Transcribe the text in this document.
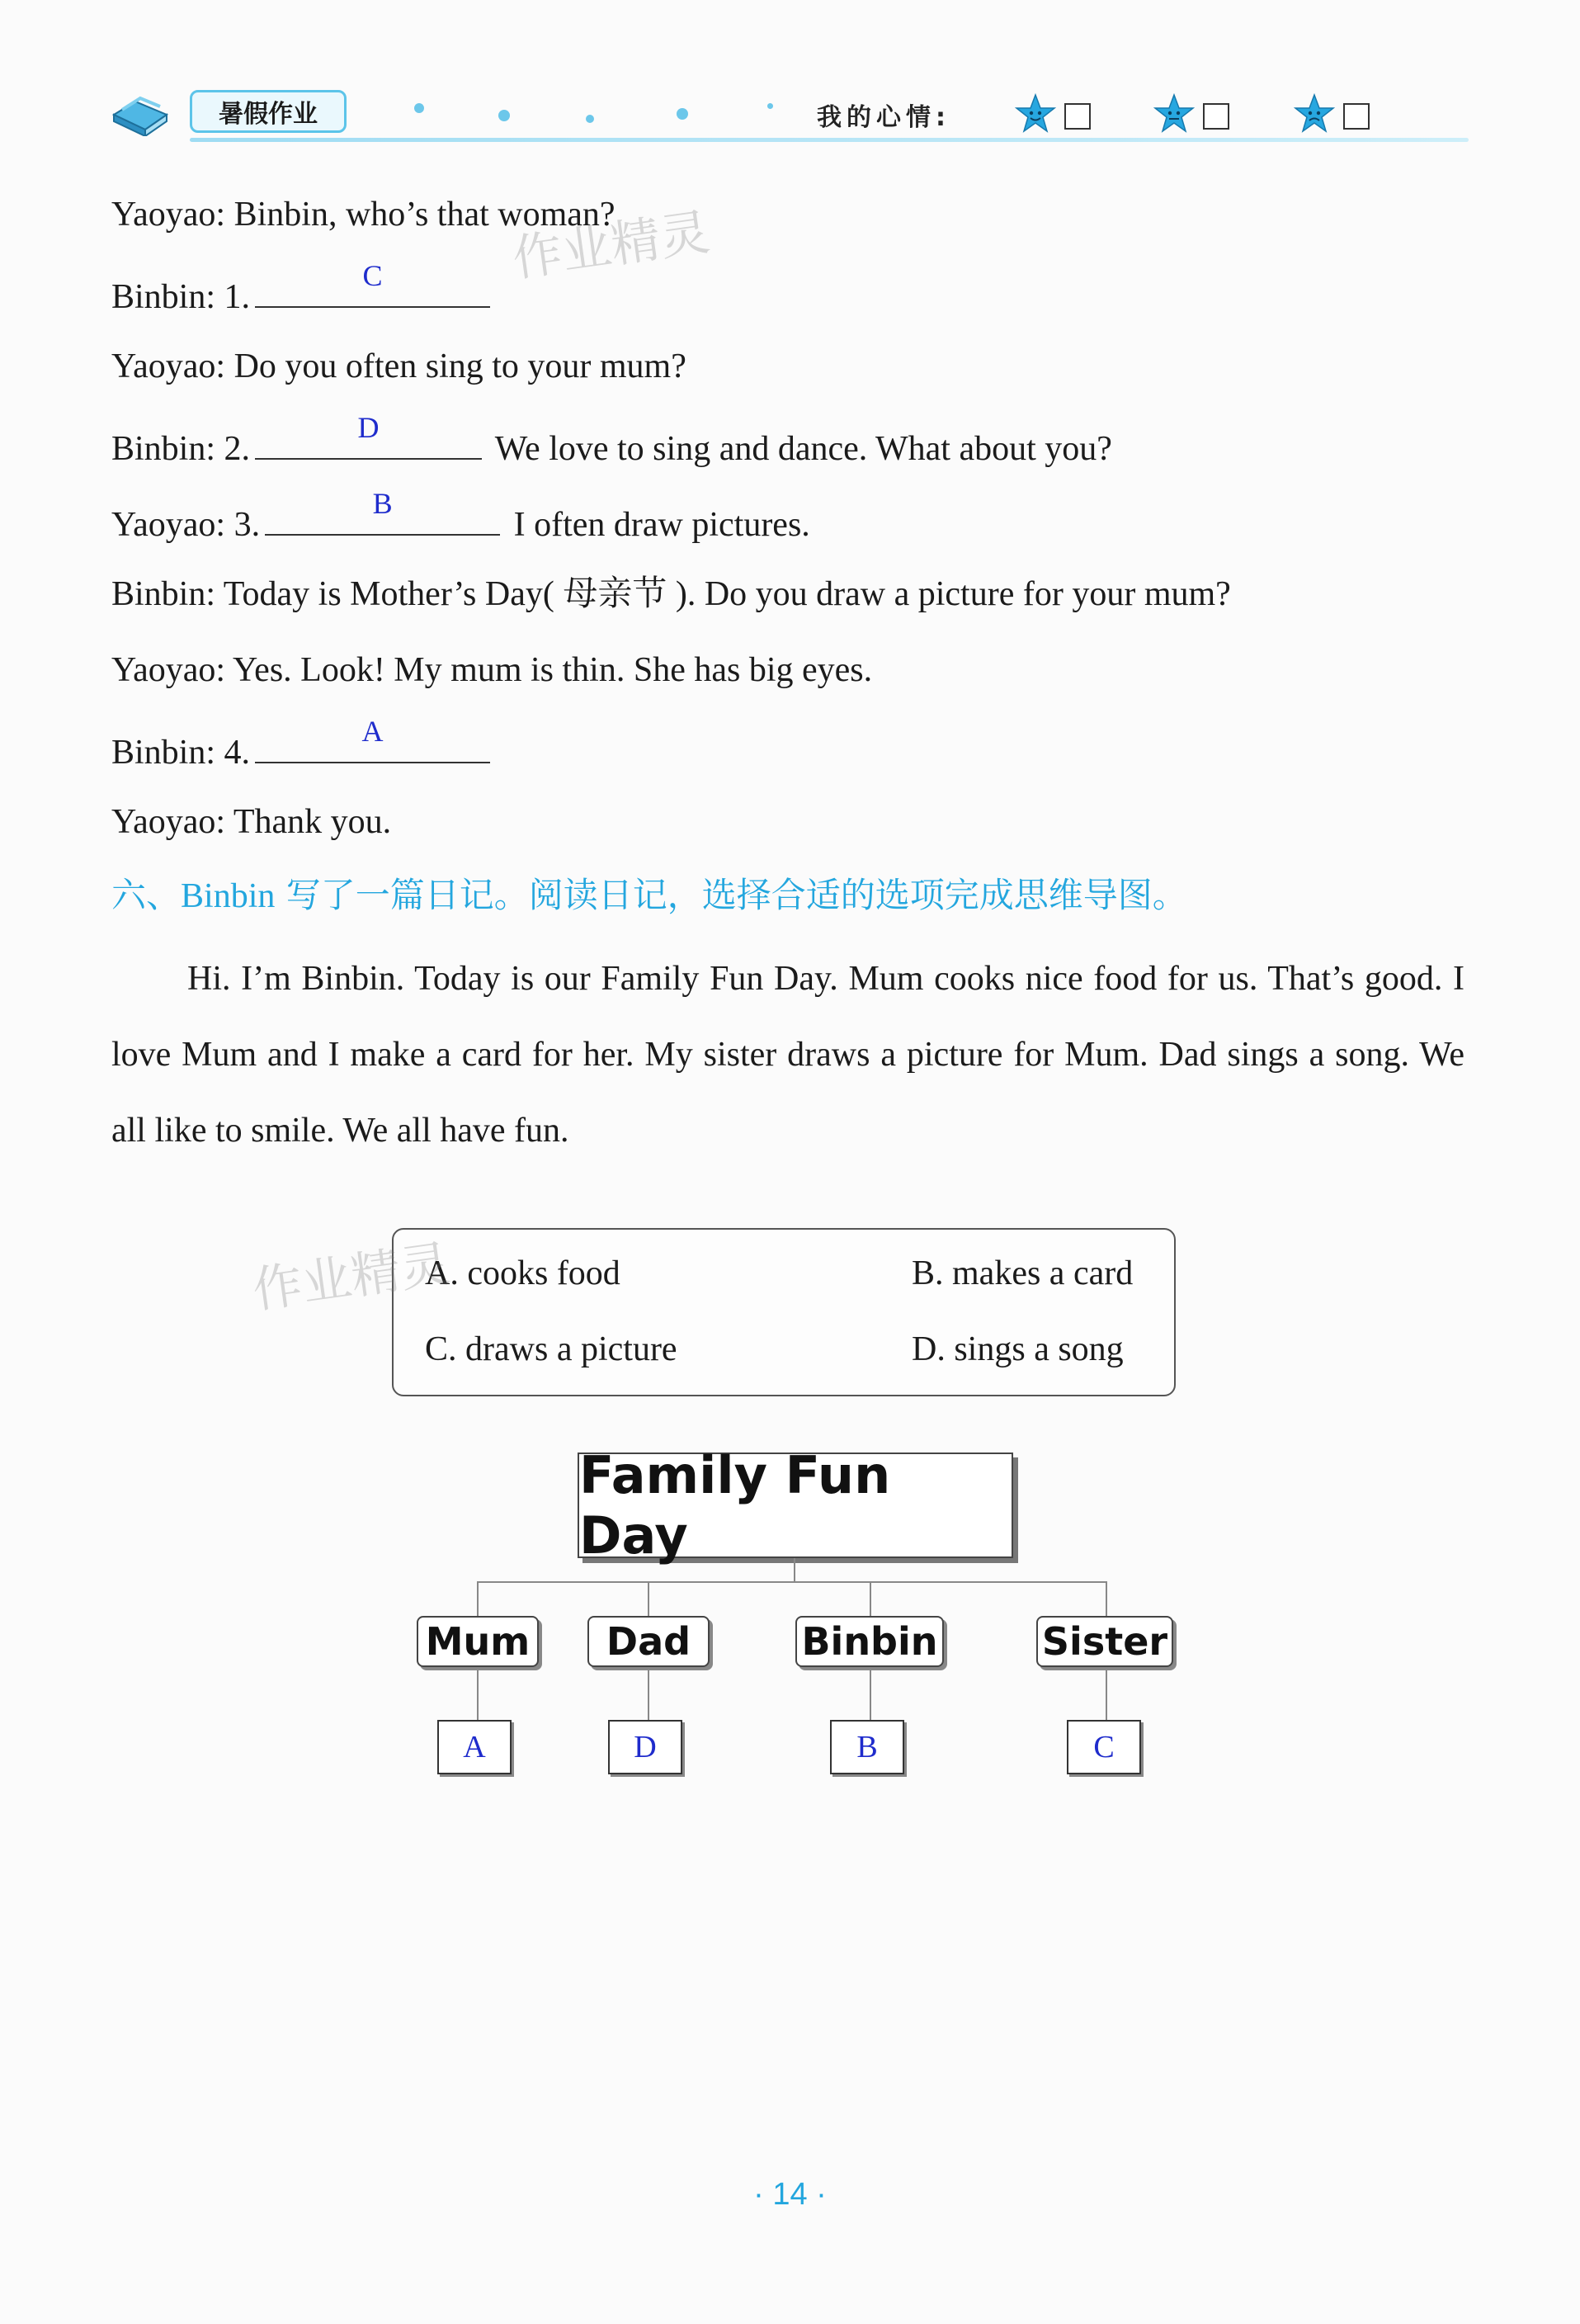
暑假作业	我的心情:
Yaoyao: Binbin, who’s that woman?
Binbin: 1.
C
Yaoyao: Do you often sing to your mum?
Binbin: 2.
D
We love to sing and dance. What about you?
Yaoyao: 3.
B
I often draw pictures.
Binbin: Today is Mother’s Day( 母亲节 ). Do you draw a picture for your mum?
Yaoyao: Yes. Look! My mum is thin. She has big eyes.
Binbin: 4.
A
Yaoyao: Thank you.
六、Binbin 写了一篇日记。阅读日记，选择合适的选项完成思维导图。

Hi. I’m Binbin. Today is our Family Fun Day. Mum cooks nice food for us. That’s good. I love Mum and I make a card for her. My sister draws a picture for Mum. Dad sings a song. We all like to smile. We all have fun.

A. cooks food	B. makes a card
C. draws a picture	D. sings a song
Family Fun Day
Mum	Dad	Binbin	Sister
A	D	B	C
作业精灵
作业精灵
· 14 ·
